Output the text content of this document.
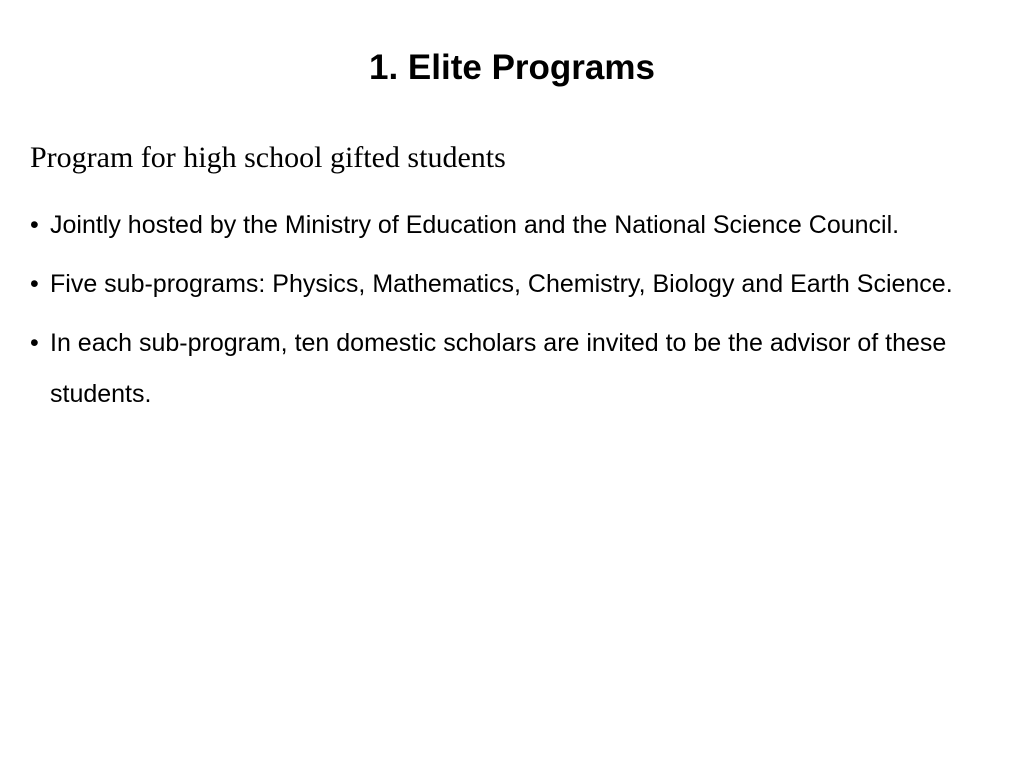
1. Elite Programs

Program for high school gifted students

• Jointly hosted by the Ministry of Education and the National Science Council.
• Five sub-programs: Physics, Mathematics, Chemistry, Biology and Earth Science.
• In each sub-program, ten domestic scholars are invited to be the advisor of these students.
